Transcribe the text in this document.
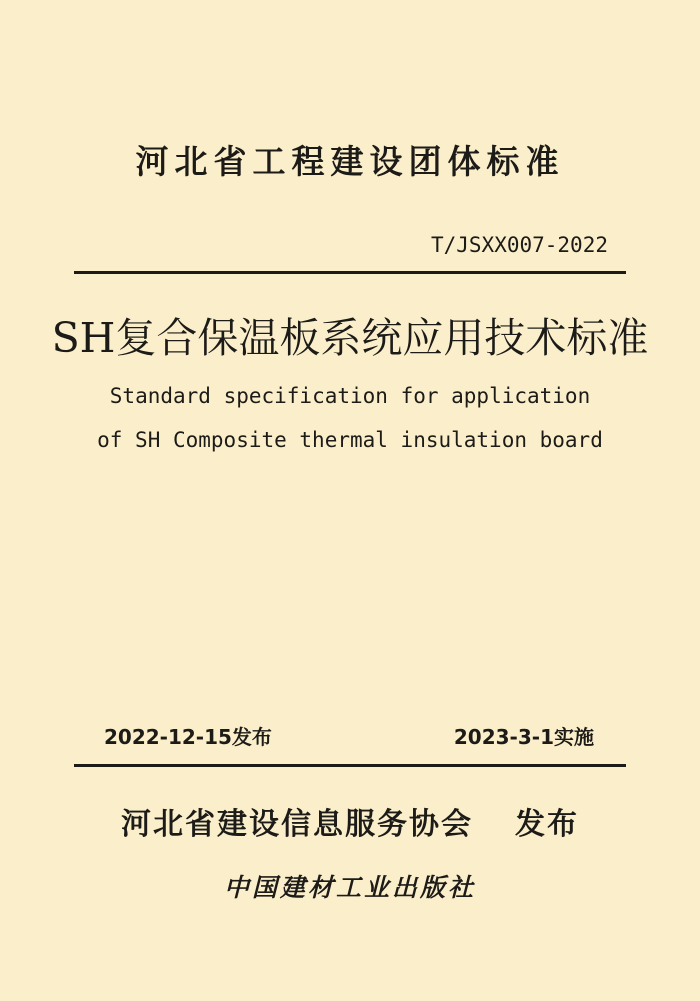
河北省工程建设团体标准
T/JSXX007-2022
SH复合保温板系统应用技术标准
Standard specification for application
of SH Composite thermal insulation board
2022-12-15发布	2023-3-1实施
河北省建设信息服务协会 发布
中国建材工业出版社
